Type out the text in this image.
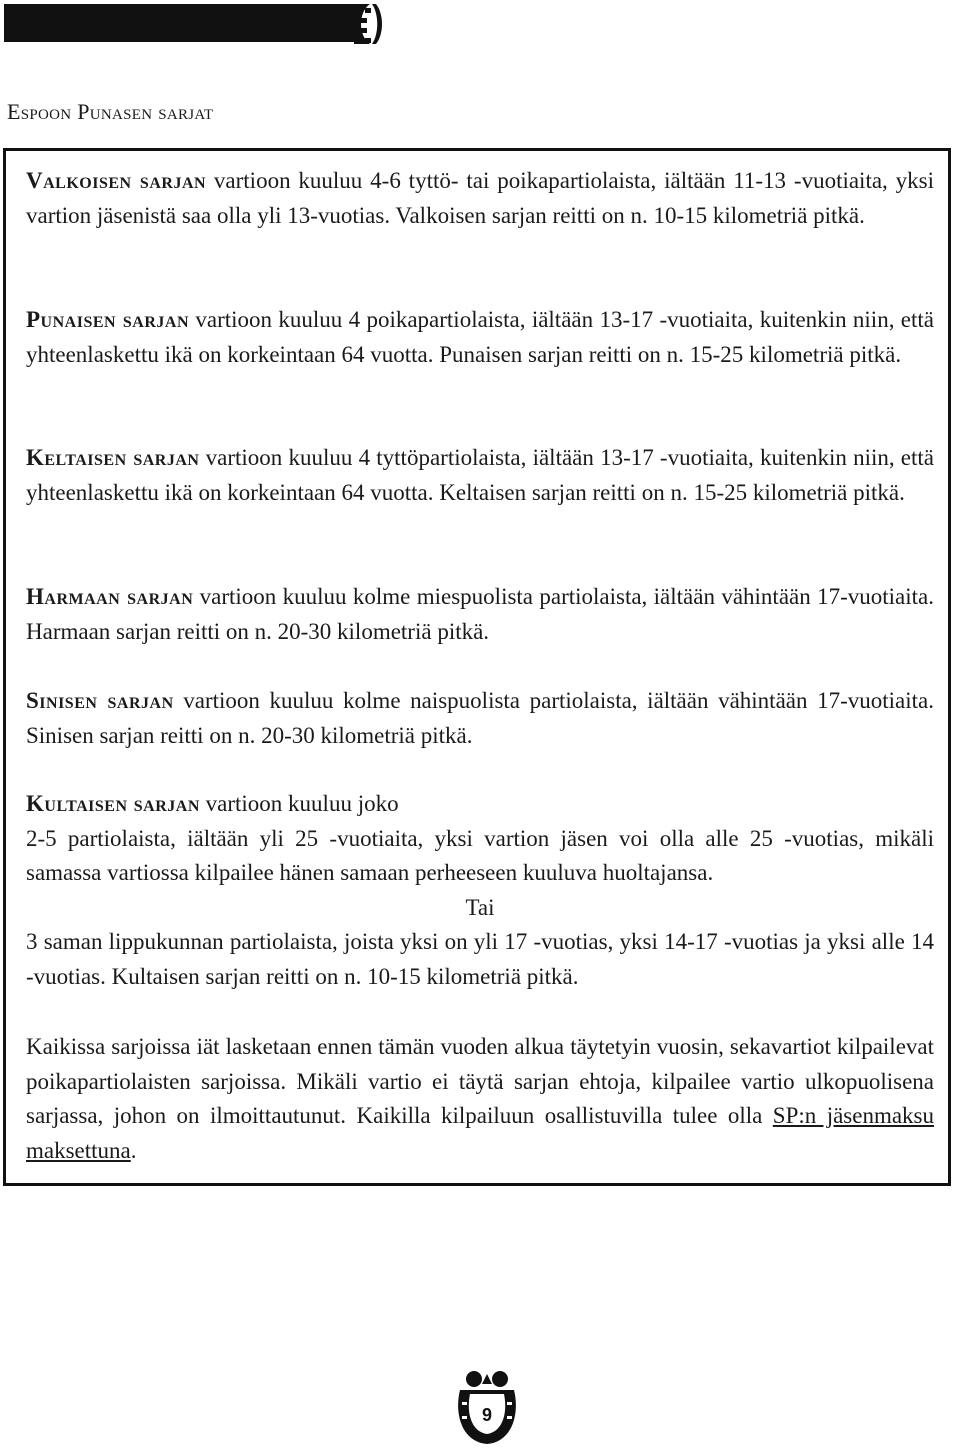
Espoon Punasen sarjat

Valkoisen sarjan vartioon kuuluu 4-6 tyttö- tai poikapartiolaista, iältään 11-13 -vuotiaita, yksi vartion jäsenistä saa olla yli 13-vuotias. Valkoisen sarjan reitti on n. 10-15 kilometriä pitkä.

Punaisen sarjan vartioon kuuluu 4 poikapartiolaista, iältään 13-17 -vuotiaita, kuitenkin niin, että yhteenlaskettu ikä on korkeintaan 64 vuotta. Punaisen sarjan reitti on n. 15-25 kilometriä pitkä.

Keltaisen sarjan vartioon kuuluu 4 tyttöpartiolaista, iältään 13-17 -vuotiaita, kuitenkin niin, että yhteenlaskettu ikä on korkeintaan 64 vuotta. Keltaisen sarjan reitti on n. 15-25 kilometriä pitkä.

Harmaan sarjan vartioon kuuluu kolme miespuolista partiolaista, iältään vähintään 17-vuotiaita. Harmaan sarjan reitti on n. 20-30 kilometriä pitkä.

Sinisen sarjan vartioon kuuluu kolme naispuolista partiolaista, iältään vähintään 17-vuotiaita. Sinisen sarjan reitti on n. 20-30 kilometriä pitkä.

Kultaisen sarjan vartioon kuuluu joko
2-5 partiolaista, iältään yli 25 -vuotiaita, yksi vartion jäsen voi olla alle 25 -vuotias, mikäli samassa vartiossa kilpailee hänen samaan perheeseen kuuluva huoltajansa.
Tai
3 saman lippukunnan partiolaista, joista yksi on yli 17 -vuotias, yksi 14-17 -vuotias ja yksi alle 14 -vuotias. Kultaisen sarjan reitti on n. 10-15 kilometriä pitkä.

Kaikissa sarjoissa iät lasketaan ennen tämän vuoden alkua täytetyin vuosin, sekavartiot kilpailevat poikapartiolaisten sarjoissa. Mikäli vartio ei täytä sarjan ehtoja, kilpailee vartio ulkopuolisena sarjassa, johon on ilmoittautunut. Kaikilla kilpailuun osallistuvilla tulee olla SP:n jäsenmaksu maksettuna.

9
